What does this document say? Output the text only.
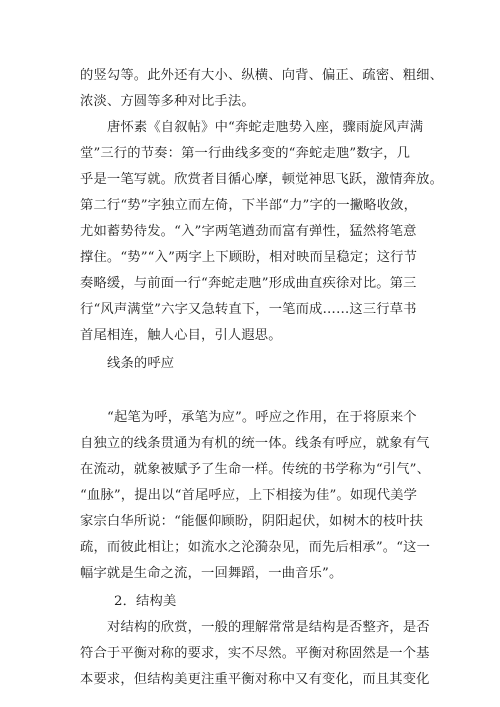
的竖勾等。此外还有大小、纵横、向背、偏正、疏密、粗细、
浓淡、方圆等多种对比手法。
唐怀素《自叙帖》中“奔蛇走虺势入座，骤雨旋风声满
堂”三行的节奏：第一行曲线多变的“奔蛇走虺”数字，几
乎是一笔写就。欣赏者目循心摩，顿觉神思飞跃，激情奔放。
第二行“势”字独立而左倚，下半部“力”字的一撇略收敛，
尤如蓄势待发。“入”字两笔遒劲而富有弹性，猛然将笔意
撑住。“势”“入”两字上下顾盼，相对映而呈稳定；这行节
奏略缓，与前面一行“奔蛇走虺”形成曲直疾徐对比。第三
行“风声满堂”六字又急转直下，一笔而成……这三行草书
首尾相连，触人心目，引人遐思。
线条的呼应
“起笔为呼，承笔为应”。呼应之作用，在于将原来个
自独立的线条贯通为有机的统一体。线条有呼应，就象有气
在流动，就象被赋予了生命一样。传统的书学称为“引气”、
“血脉”，提出以“首尾呼应，上下相接为佳”。如现代美学
家宗白华所说：“能偃仰顾盼，阴阳起伏，如树木的枝叶扶
疏，而彼此相让；如流水之沦漪杂见，而先后相承”。“这一
幅字就是生命之流，一回舞蹈，一曲音乐”。
2．结构美
对结构的欣赏，一般的理解常常是结构是否整齐，是否
符合于平衡对称的要求，实不尽然。平衡对称固然是一个基
本要求，但结构美更注重平衡对称中又有变化，而且其变化
